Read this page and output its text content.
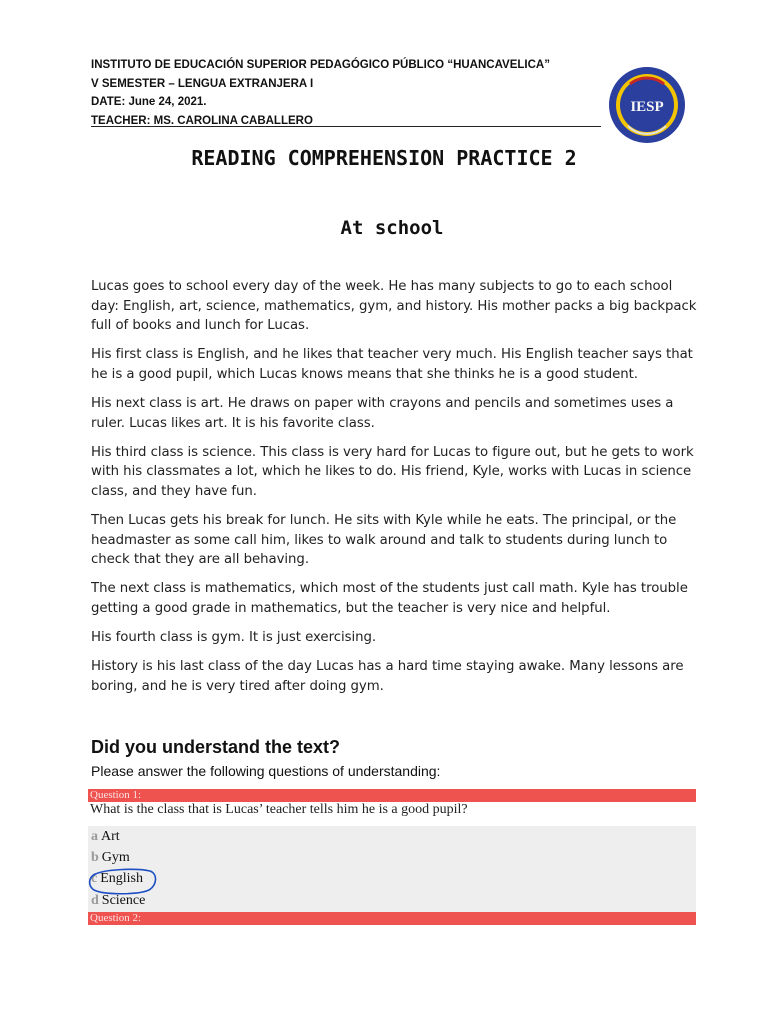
INSTITUTO DE EDUCACIÓN SUPERIOR PEDAGÓGICO PÚBLICO “HUANCAVELICA”
V SEMESTER – LENGUA EXTRANJERA I
DATE: June 24, 2021.
TEACHER: MS. CAROLINA CABALLERO
IESP
READING COMPREHENSION PRACTICE 2
At school

Lucas goes to school every day of the week. He has many subjects to go to each school day: English, art, science, mathematics, gym, and history. His mother packs a big backpack full of books and lunch for Lucas.

His first class is English, and he likes that teacher very much. His English teacher says that he is a good pupil, which Lucas knows means that she thinks he is a good student.

His next class is art. He draws on paper with crayons and pencils and sometimes uses a ruler. Lucas likes art. It is his favorite class.

His third class is science. This class is very hard for Lucas to figure out, but he gets to work with his classmates a lot, which he likes to do. His friend, Kyle, works with Lucas in science class, and they have fun.

Then Lucas gets his break for lunch. He sits with Kyle while he eats. The principal, or the headmaster as some call him, likes to walk around and talk to students during lunch to check that they are all behaving.

The next class is mathematics, which most of the students just call math. Kyle has trouble getting a good grade in mathematics, but the teacher is very nice and helpful.

His fourth class is gym. It is just exercising.

History is his last class of the day Lucas has a hard time staying awake. Many lessons are boring, and he is very tired after doing gym.

Did you understand the text?
Please answer the following questions of understanding:
Question 1:
What is the class that is Lucas’ teacher tells him he is a good pupil?
a Art
b Gym
c English
d Science
Question 2:
